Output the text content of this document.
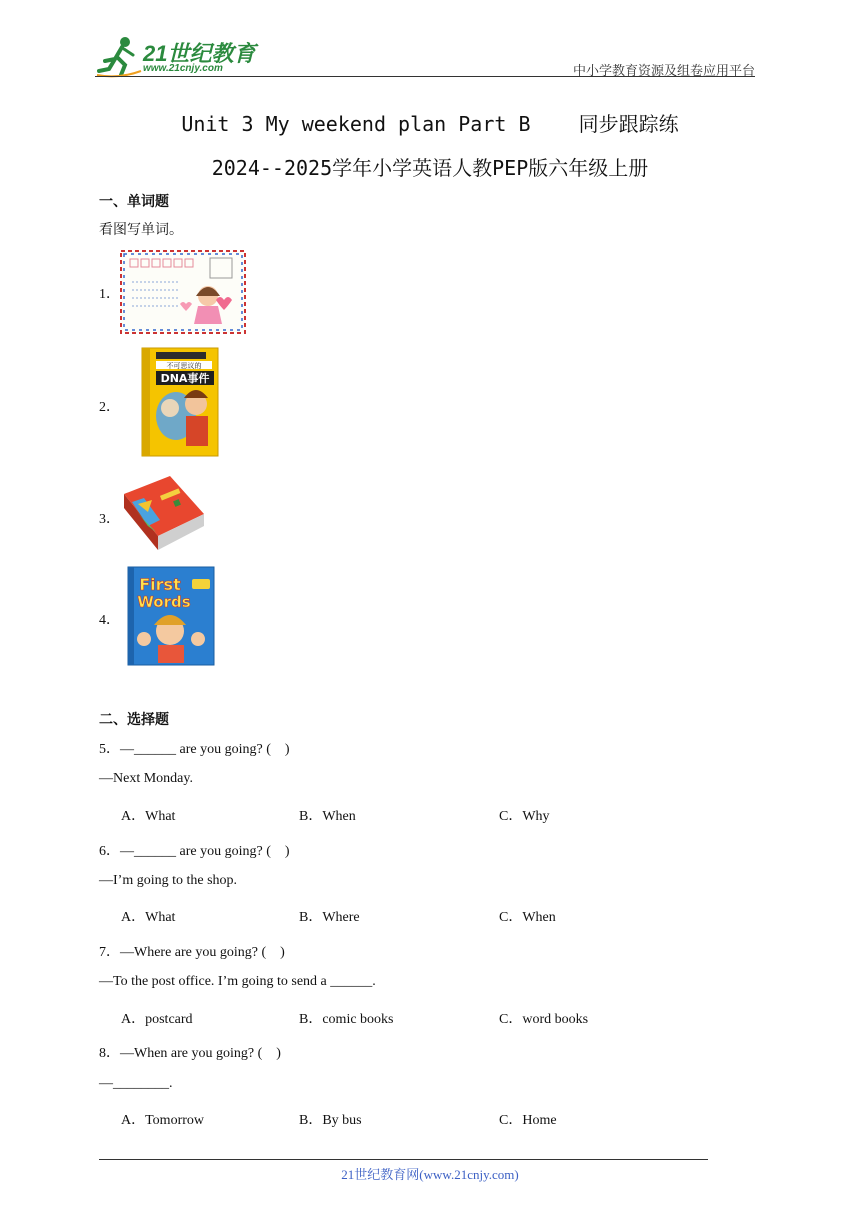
21世纪教育
www.21cnjy.com	中小学教育资源及组卷应用平台
Unit 3 My weekend plan Part B    同步跟踪练
2024--2025学年小学英语人教PEP版六年级上册
一、单词题
看图写单词。
1．
2．
不可思议的
DNA事件
3．
4．
First
Words
二、选择题
5．—______ are you going? (    )
—Next Monday.
A．What	B．When	C．Why
6．—______ are you going? (    )
—I’m going to the shop.
A．What	B．Where	C．When
7．—Where are you going? (    )
—To the post office. I’m going to send a ______.
A．postcard	B．comic books	C．word books
8．—When are you going? (    )
—________.
A．Tomorrow	B．By bus	C．Home
21世纪教育网(www.21cnjy.com)
